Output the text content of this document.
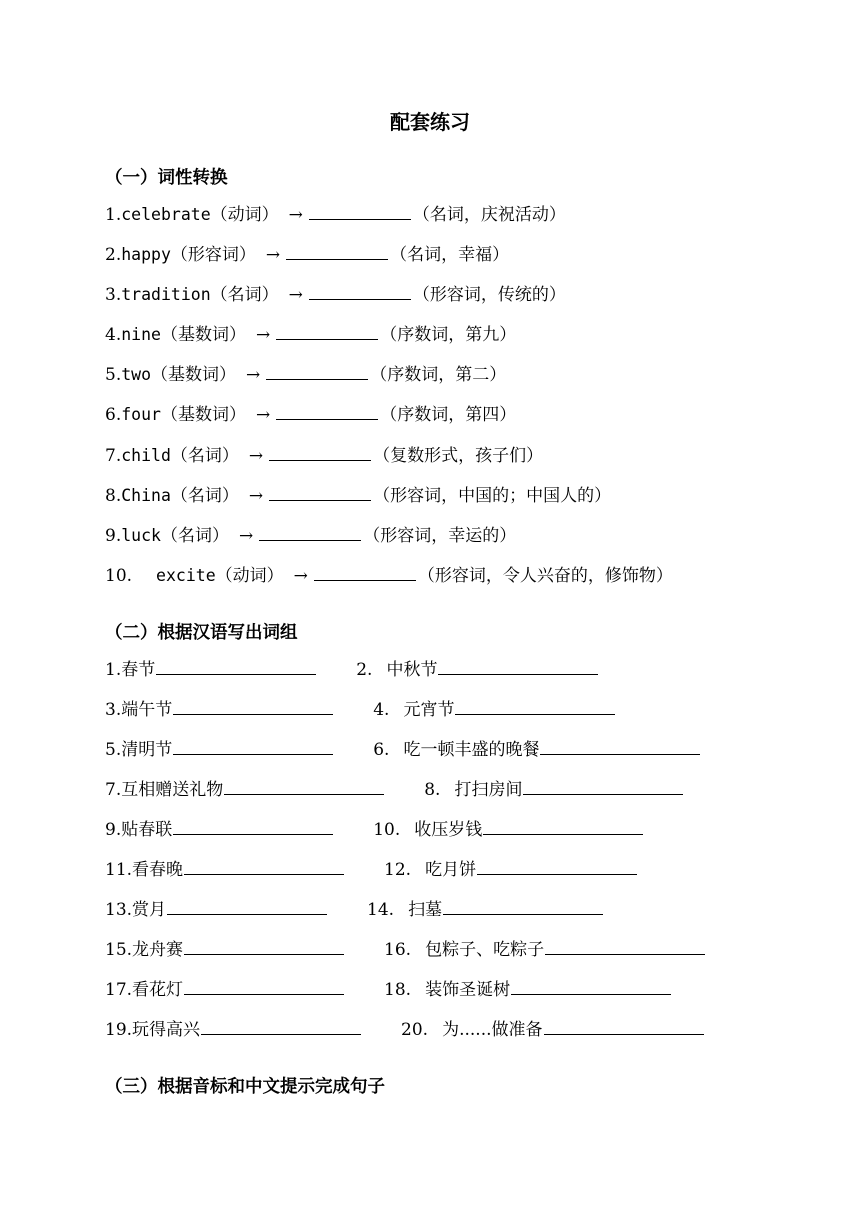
配套练习
（一）词性转换
1.celebrate（动词） →	（名词，庆祝活动）
2.happy（形容词） →	（名词，幸福）
3.tradition（名词） →	（形容词，传统的）
4.nine（基数词） →	（序数词，第九）
5.two（基数词） →	（序数词，第二）
6.four（基数词） →	（序数词，第四）
7.child（名词） →	（复数形式，孩子们）
8.China（名词） →	（形容词，中国的；中国人的）
9.luck（名词） →	（形容词，幸运的）
10. excite（动词） →	（形容词，令人兴奋的，修饰物）
（二）根据汉语写出词组
1.春节	2. 中秋节
3.端午节	4. 元宵节
5.清明节	6. 吃一顿丰盛的晚餐
7.互相赠送礼物	8. 打扫房间
9.贴春联	10. 收压岁钱
11.看春晚	12. 吃月饼
13.赏月	14. 扫墓
15.龙舟赛	16. 包粽子、吃粽子
17.看花灯	18. 装饰圣诞树
19.玩得高兴	20. 为......做准备
（三）根据音标和中文提示完成句子
